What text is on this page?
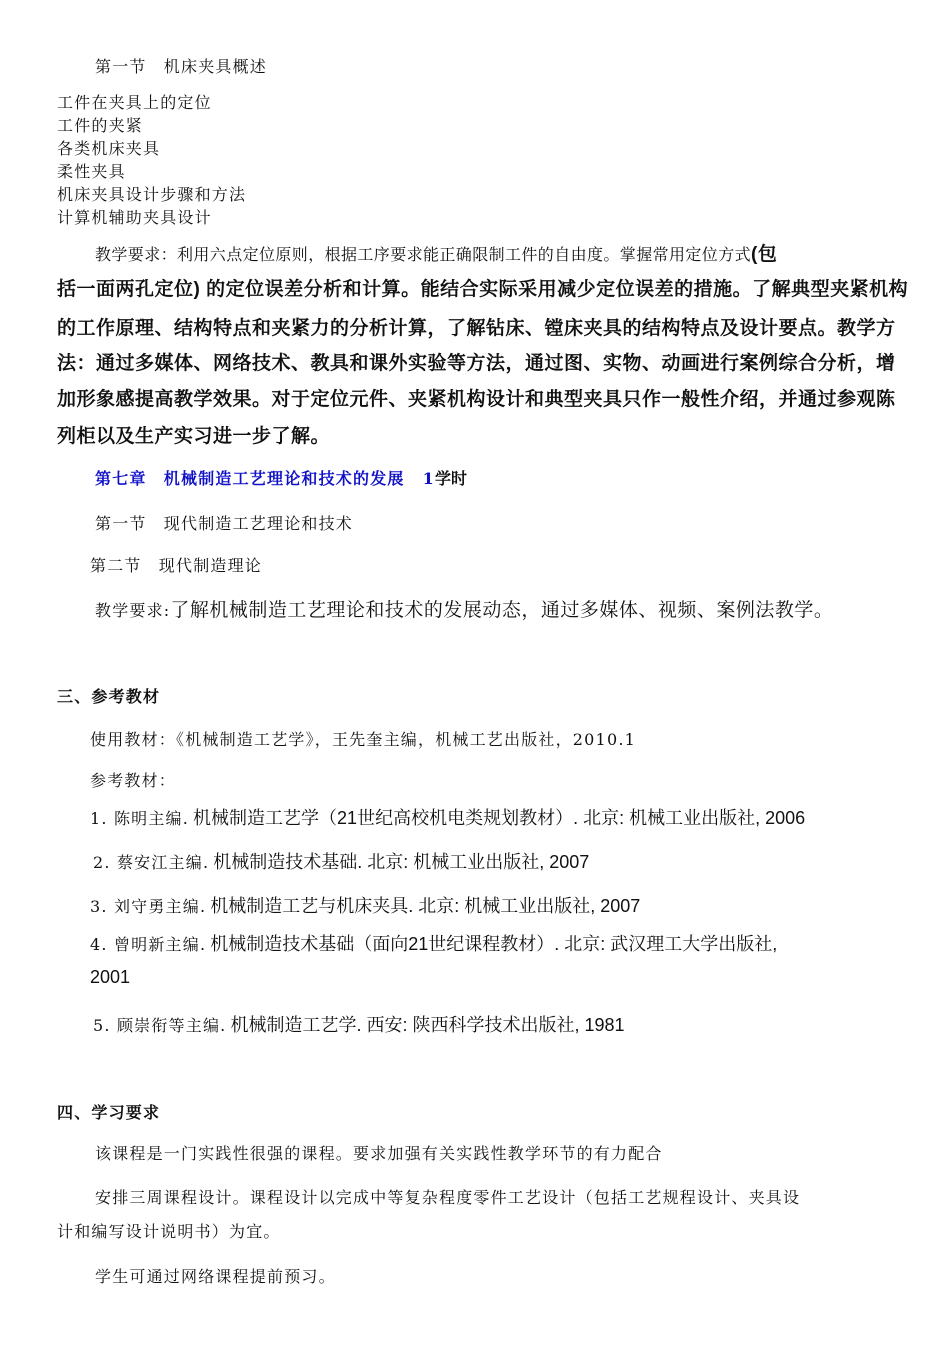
第一节　机床夹具概述
工件在夹具上的定位
工件的夹紧
各类机床夹具
柔性夹具
机床夹具设计步骤和方法
计算机辅助夹具设计
教学要求：利用六点定位原则，根据工序要求能正确限制工件的自由度。掌握常用定位方式(包
括一面两孔定位) 的定位误差分析和计算。能结合实际采用减少定位误差的措施。了解典型夹紧机构
的工作原理、结构特点和夹紧力的分析计算，了解钻床、镗床夹具的结构特点及设计要点。教学方
法：通过多媒体、网络技术、教具和课外实验等方法，通过图、实物、动画进行案例综合分析，增
加形象感提高教学效果。对于定位元件、夹紧机构设计和典型夹具只作一般性介绍，并通过参观陈
列柜以及生产实习进一步了解。
第七章　机械制造工艺理论和技术的发展 1学时
第一节　现代制造工艺理论和技术
第二节　现代制造理论
教学要求:了解机械制造工艺理论和技术的发展动态，通过多媒体、视频、案例法教学。
三、参考教材
使用教材：《机械制造工艺学》，王先奎主编，机械工艺出版社，2010.1
参考教材：
1. 陈明主编. 机械制造工艺学（21世纪高校机电类规划教材）. 北京: 机械工业出版社, 2006
2. 蔡安江主编. 机械制造技术基础. 北京: 机械工业出版社, 2007
3. 刘守勇主编. 机械制造工艺与机床夹具. 北京: 机械工业出版社, 2007
4. 曾明新主编. 机械制造技术基础（面向21世纪课程教材）. 北京: 武汉理工大学出版社,
2001
5. 顾崇衔等主编. 机械制造工艺学. 西安: 陕西科学技术出版社, 1981
四、学习要求
该课程是一门实践性很强的课程。要求加强有关实践性教学环节的有力配合
安排三周课程设计。课程设计以完成中等复杂程度零件工艺设计（包括工艺规程设计、夹具设
计和编写设计说明书）为宜。
学生可通过网络课程提前预习。
